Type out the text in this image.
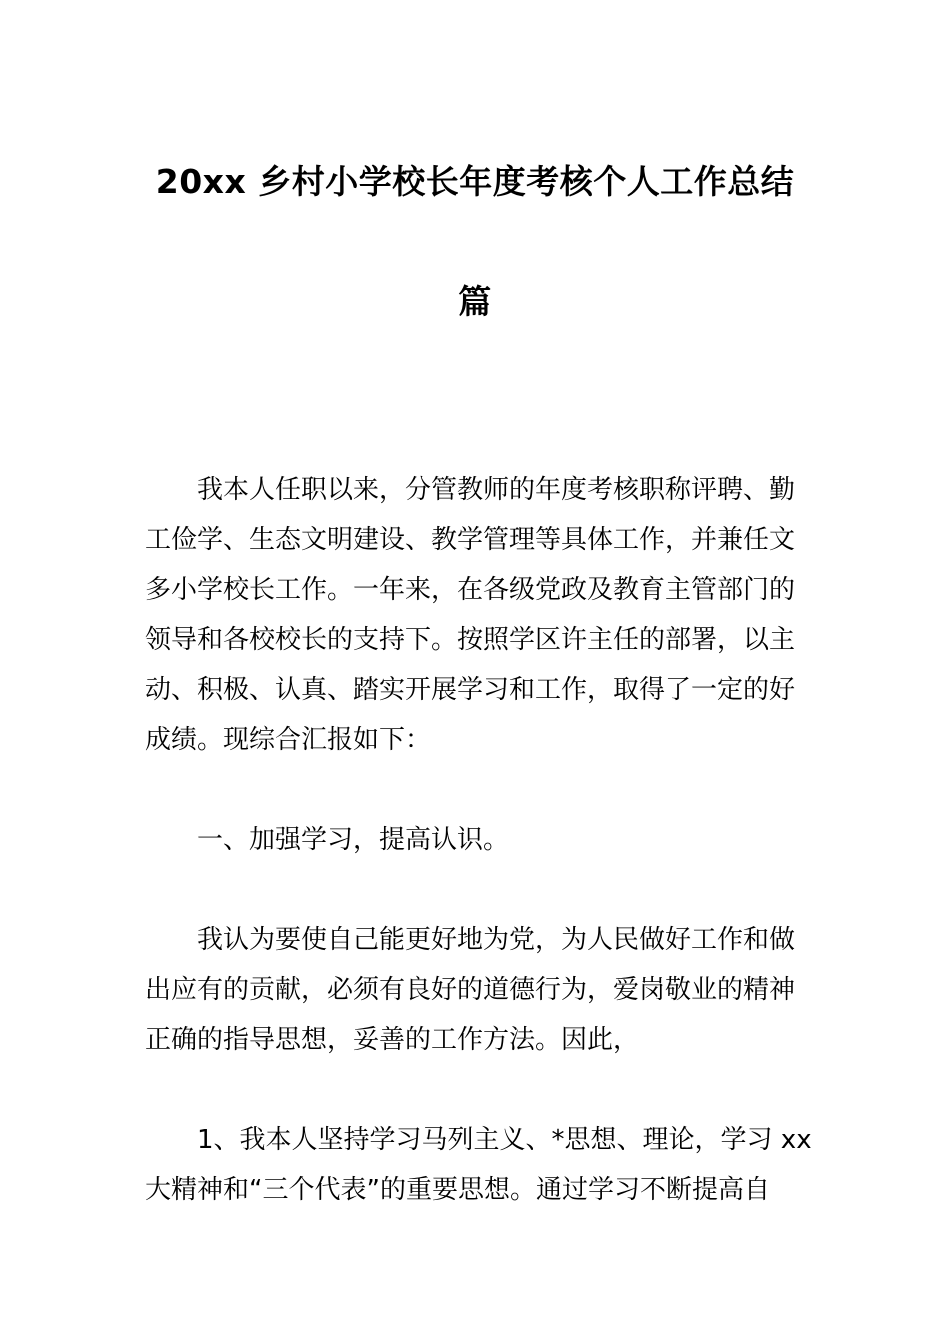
20xx 乡村小学校长年度考核个人工作总结
篇
我本人任职以来，分管教师的年度考核职称评聘、勤
工俭学、生态文明建设、教学管理等具体工作，并兼任文
多小学校长工作。一年来，在各级党政及教育主管部门的
领导和各校校长的支持下。按照学区许主任的部署，以主
动、积极、认真、踏实开展学习和工作，取得了一定的好
成绩。现综合汇报如下：
一、加强学习，提高认识。
我认为要使自己能更好地为党，为人民做好工作和做
出应有的贡献，必须有良好的道德行为，爱岗敬业的精神
正确的指导思想，妥善的工作方法。因此，
1、我本人坚持学习马列主义、*思想、理论，学习 xx
大精神和“三个代表”的重要思想。通过学习不断提高自
